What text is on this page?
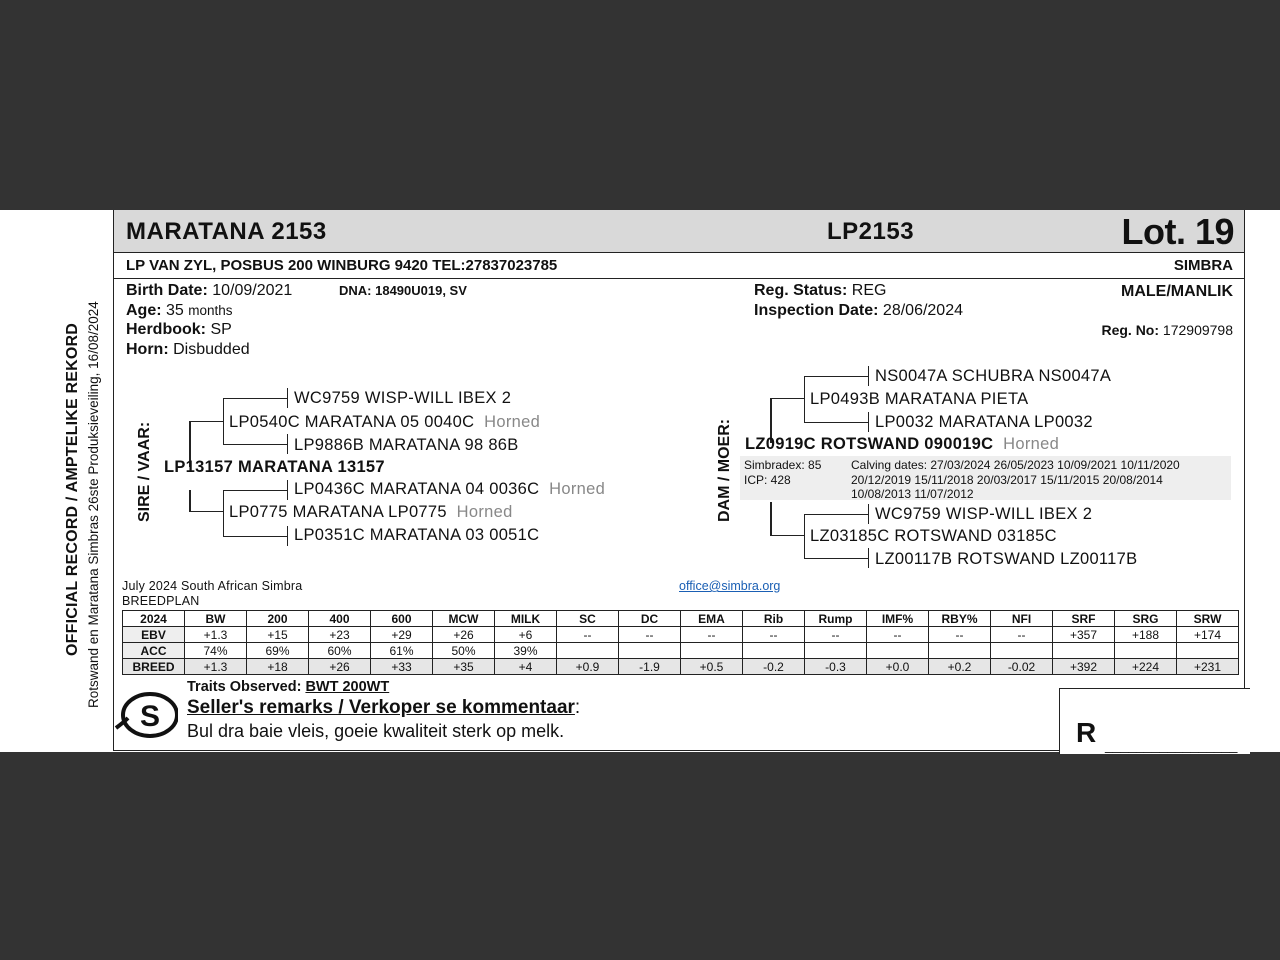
OFFICIAL RECORD / AMPTELIKE REKORD Rotswand en Maratana Simbras 26ste Produksieveiling, 16/08/2024
MARATANA 2153	LP2153	Lot. 19
LP VAN ZYL, POSBUS 200 WINBURG 9420 TEL:27837023785	SIMBRA
Birth Date: 10/09/2021	DNA: 18490U019, SV
Age: 35 months
Herdbook: SP
Horn: Disbudded
Reg. Status: REG
Inspection Date: 28/06/2024
MALE/MANLIK
Reg. No: 172909798
SIRE / VAAR:	DAM / MOER:
WC9759 WISP-WILL IBEX 2
LP0540C MARATANA 05 0040C Horned
LP9886B MARATANA 98 86B
LP13157 MARATANA 13157
LP0436C MARATANA 04 0036C Horned
LP0775 MARATANA LP0775 Horned
LP0351C MARATANA 03 0051C
NS0047A SCHUBRA NS0047A
LP0493B MARATANA PIETA
LP0032 MARATANA LP0032
LZ0919C ROTSWAND 090019C Horned
Simbradex: 85
ICP: 428
Calving dates: 27/03/2024 26/05/2023 10/09/2021 10/11/2020
20/12/2019 15/11/2018 20/03/2017 15/11/2015 20/08/2014
10/08/2013 11/07/2012
WC9759 WISP-WILL IBEX 2
LZ03185C ROTSWAND 03185C
LZ00117B ROTSWAND LZ00117B
July 2024 South African Simbra
BREEDPLAN
office@simbra.org
2024	BW	200	400	600	MCW	MILK	SC	DC	EMA	Rib	Rump	IMF%	RBY%	NFI	SRF	SRG	SRW
EBV	+1.3	+15	+23	+29	+26	+6	--	--	--	--	--	--	--	--	+357	+188	+174
ACC	74%	69%	60%	61%	50%	39%											
BREED	+1.3	+18	+26	+33	+35	+4	+0.9	-1.9	+0.5	-0.2	-0.3	+0.0	+0.2	-0.02	+392	+224	+231
S
Traits Observed: BWT 200WT
Seller's remarks / Verkoper se kommentaar:
Bul dra baie vleis, goeie kwaliteit sterk op melk.	R _________________
